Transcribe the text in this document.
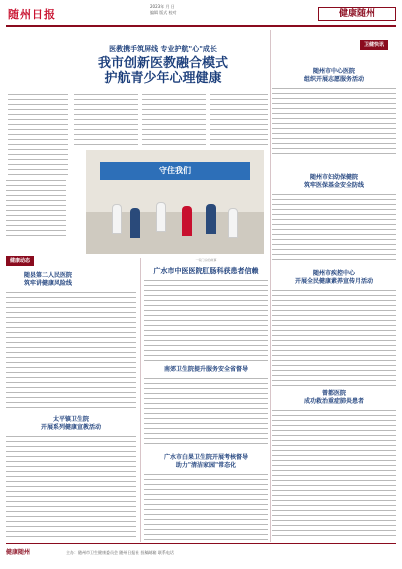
随州日报
2023年 月 日
编辑 版式 校对	健康随州
医教携手筑屏线 专业护航"心"成长
我市创新医教融合模式
护航青少年心理健康
守住我们
健康动态
随县第二人民医院
筑牢讲健康风险线
太平镇卫生院
开展系列健康宣教活动
一家门诊的故事
广水市中医医院肛肠科获患者信赖
南郊卫生院提升服务安全省督导
广水市白果卫生院开展考核督导
助力"清洁家园"常态化
卫健快讯
随州市中心医院
组织开展志愿服务活动
随州市妇幼保健院
筑牢医保基金安全防线
随州市疾控中心
开展全民健康素养宣传月活动
曾都医院
成功救治重症肺炎患者
健康随州	主办：随州市卫生健康委员会 随州日报社 投稿邮箱 联系电话
